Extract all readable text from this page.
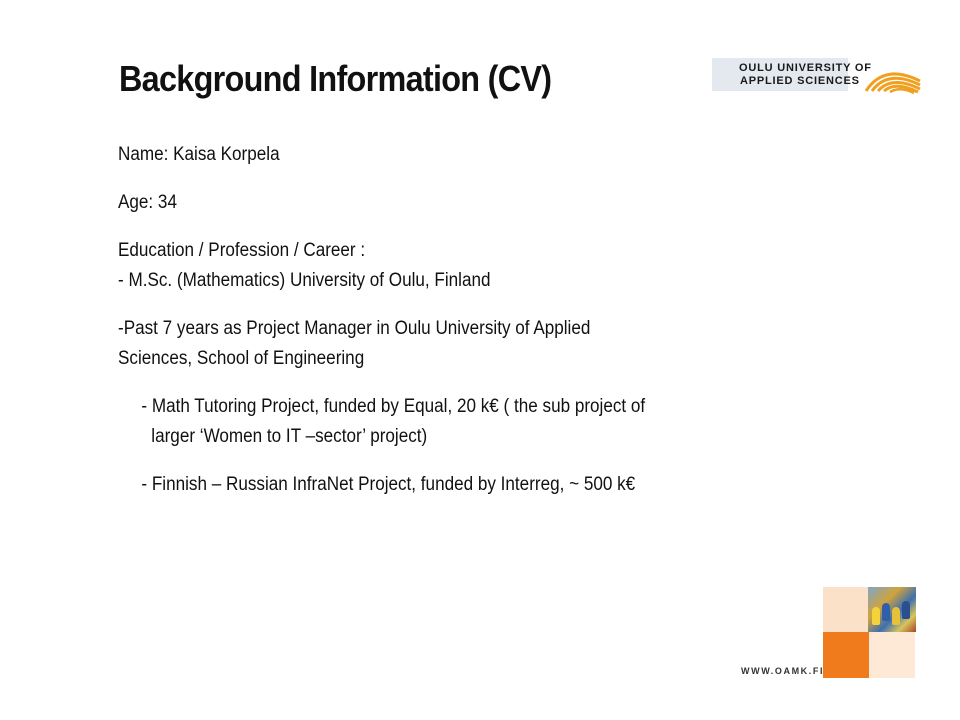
Background Information (CV)	OULU UNIVERSITY OF
APPLIED SCIENCES

Name: Kaisa Korpela

Age: 34

Education / Profession / Career :
- M.Sc. (Mathematics) University of Oulu, Finland

-Past 7 years as Project Manager in Oulu University of Applied
Sciences, School of Engineering

- Math Tutoring Project, funded by Equal, 20 k€ ( the sub project of
larger ‘Women to IT –sector’ project)

- Finnish – Russian InfraNet Project, funded by Interreg, ~ 500 k€

WWW.OAMK.FI
